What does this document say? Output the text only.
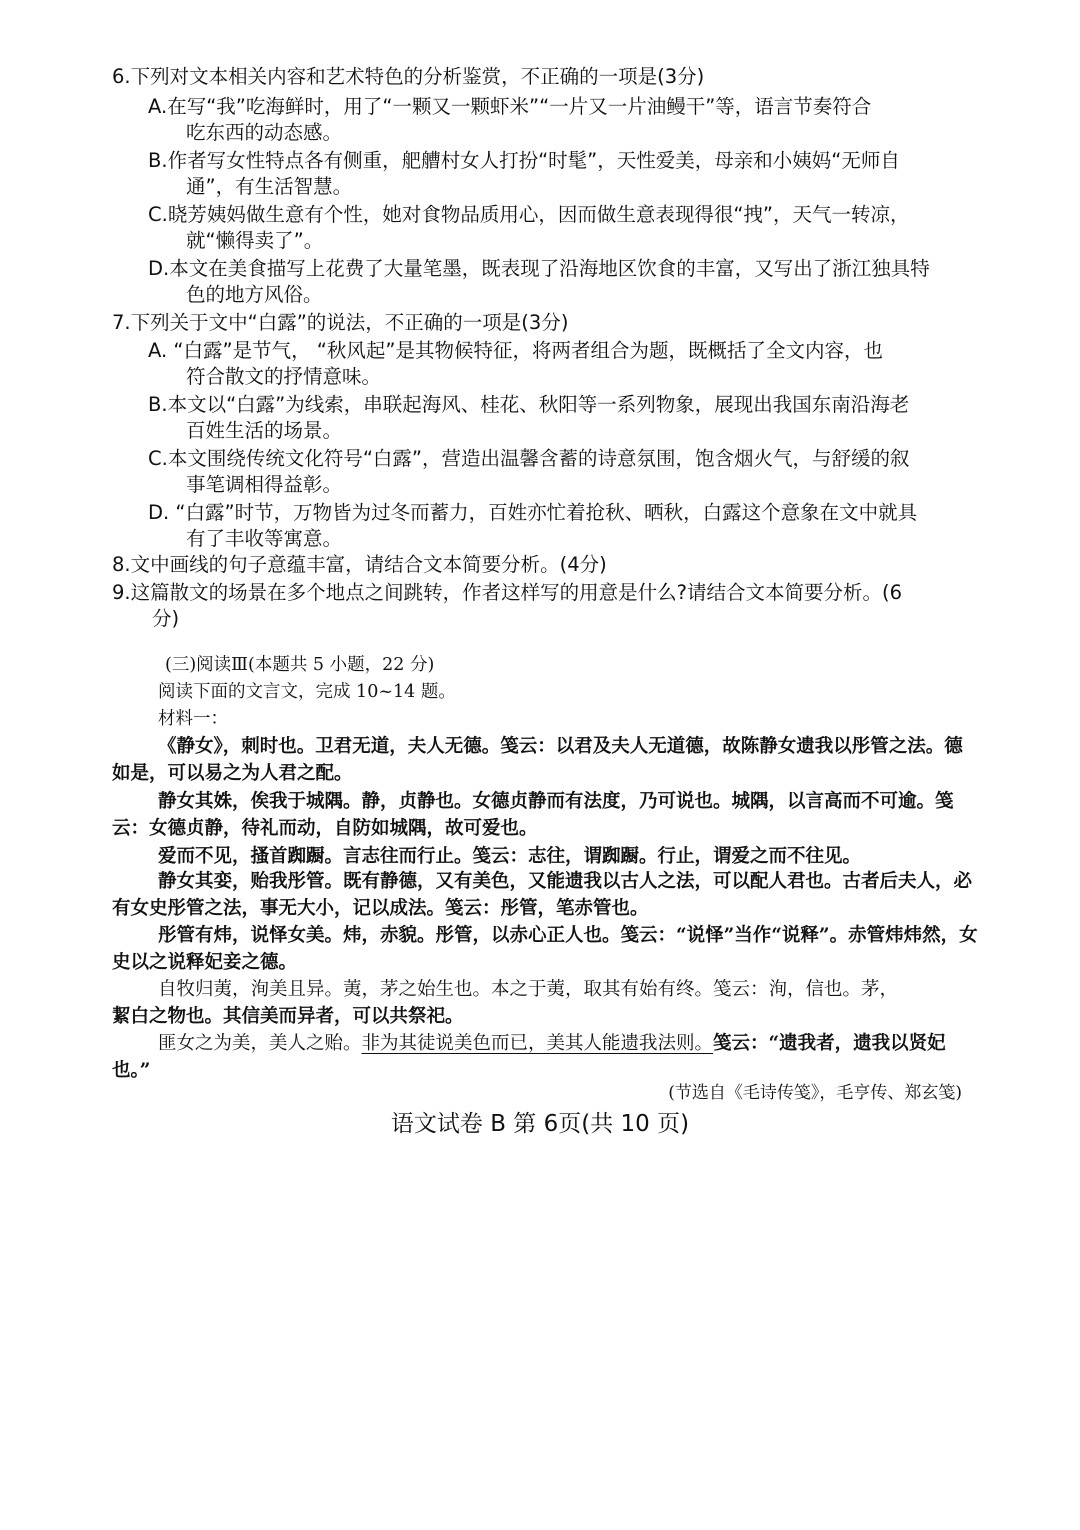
6.下列对文本相关内容和艺术特色的分析鉴赏，不正确的一项是(3分)
A.在写“我”吃海鲜时，用了“一颗又一颗虾米”“一片又一片油鳗干”等，语言节奏符合
吃东西的动态感。
B.作者写女性特点各有侧重，舥艚村女人打扮“时髦”，天性爱美，母亲和小姨妈“无师自
通”，有生活智慧。
C.晓芳姨妈做生意有个性，她对食物品质用心，因而做生意表现得很“拽”，天气一转凉，
就“懒得卖了”。
D.本文在美食描写上花费了大量笔墨，既表现了沿海地区饮食的丰富，又写出了浙江独具特
色的地方风俗。
7.下列关于文中“白露”的说法，不正确的一项是(3分)
A. “白露”是节气， “秋风起”是其物候特征，将两者组合为题，既概括了全文内容，也
符合散文的抒情意味。
B.本文以“白露”为线索，串联起海风、桂花、秋阳等一系列物象，展现出我国东南沿海老
百姓生活的场景。
C.本文围绕传统文化符号“白露”，营造出温馨含蓄的诗意氛围，饱含烟火气，与舒缓的叙
事笔调相得益彰。
D. “白露”时节，万物皆为过冬而蓄力，百姓亦忙着抢秋、晒秋，白露这个意象在文中就具
有了丰收等寓意。
8.文中画线的句子意蕴丰富，请结合文本简要分析。(4分)
9.这篇散文的场景在多个地点之间跳转，作者这样写的用意是什么?请结合文本简要分析。(6
分)
(三)阅读Ⅲ(本题共 5 小题，22 分)
阅读下面的文言文，完成 10~14 题。
材料一：
《静女》，刺时也。卫君无道，夫人无德。笺云：以君及夫人无道德，故陈静女遗我以彤管之法。德如是，可以易之为人君之配。
静女其姝，俟我于城隅。静，贞静也。女德贞静而有法度，乃可说也。城隅，以言高而不可逾。笺云：女德贞静，待礼而动，自防如城隅，故可爱也。
爱而不见，搔首踟蹰。言志往而行止。笺云：志往，谓踟蹰。行止，谓爱之而不往见。
静女其娈，贻我彤管。既有静德，又有美色，又能遗我以古人之法，可以配人君也。古者后夫人，必有女史彤管之法，事无大小，记以成法。笺云：彤管，笔赤管也。
彤管有炜，说怿女美。炜，赤貌。彤管，以赤心正人也。笺云：“说怿”当作“说释”。赤管炜炜然，女史以之说释妃妾之德。
自牧归荑，洵美且异。荑，茅之始生也。本之于荑，取其有始有终。笺云：洵，信也。茅，
絜白之物也。其信美而异者，可以共祭祀。
匪女之为美，美人之贻。非为其徒说美色而已，美其人能遗我法则。笺云：“遗我者，遗我以贤妃也。”
(节选自《毛诗传笺》，毛亨传、郑玄笺)
语文试卷 B 第 6页(共 10 页)
